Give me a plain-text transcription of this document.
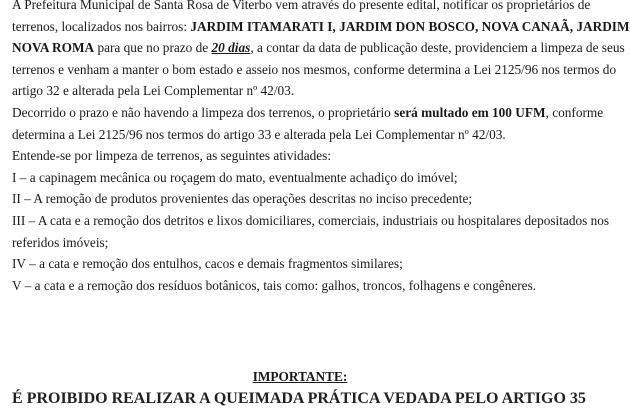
A Prefeitura Municipal de Santa Rosa de Viterbo vem através do presente edital, notificar os proprietários de
terrenos, localizados nos bairros: JARDIM ITAMARATI I, JARDIM DON BOSCO, NOVA CANAÃ, JARDIM
NOVA ROMA para que no prazo de 20 dias, a contar da data de publicação deste, providenciem a limpeza de seus
terrenos e venham a manter o bom estado e asseio nos mesmos, conforme determina a Lei 2125/96 nos termos do
artigo 32 e alterada pela Lei Complementar nº 42/03.
Decorrido o prazo e não havendo a limpeza dos terrenos, o proprietário será multado em 100 UFM, conforme
determina a Lei 2125/96 nos termos do artigo 33 e alterada pela Lei Complementar nº 42/03.
Entende-se por limpeza de terrenos, as seguintes atividades:
I – a capinagem mecânica ou roçagem do mato, eventualmente achadiço do imóvel;
II – A remoção de produtos provenientes das operações descritas no inciso precedente;
III – A cata e a remoção dos detritos e lixos domiciliares, comerciais, industriais ou hospitalares depositados nos
referidos imóveis;
IV – a cata e remoção dos entulhos, cacos e demais fragmentos similares;
V – a cata e a remoção dos resíduos botânicos, tais como: galhos, troncos, folhagens e congêneres.
IMPORTANTE:
É PROIBIDO REALIZAR A QUEIMADA PRÁTICA VEDADA PELO ARTIGO 35
